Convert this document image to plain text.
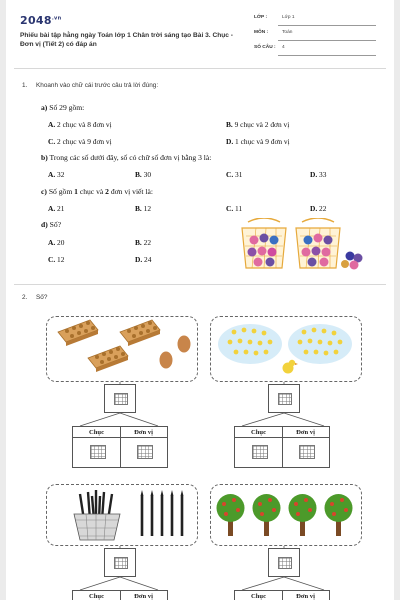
$2048^{.vn}$
Phiếu bài tập hằng ngày Toán lớp 1 Chân trời sáng tạo Bài 3. Chục - Đơn vị (Tiết 2) có đáp án
LỚP :	Lớp 1
MÔN :	Toán
SỐ CÂU : 4
1. Khoanh vào chữ cái trước câu trả lời đúng:
a) Số 29 gồm:
A. 2 chục và 8 đơn vị	B. 9 chục và 2 đơn vị
C. 2 chục và 9 đơn vị	D. 1 chục và 9 đơn vị
b) Trong các số dưới đây, số có chữ số đơn vị bằng 3 là:
A. 32	B. 30	C. 31	D. 33
c) Số gồm 1 chục và 2 đơn vị viết là:
A. 21	B. 12	C. 11	D. 22
d) Số?
A. 20	B. 22
C. 12	D. 24
2. Số?
Chục	Đơn vị	Chục	Đơn vị
Chục	Đơn vị	Chục	Đơn vị
